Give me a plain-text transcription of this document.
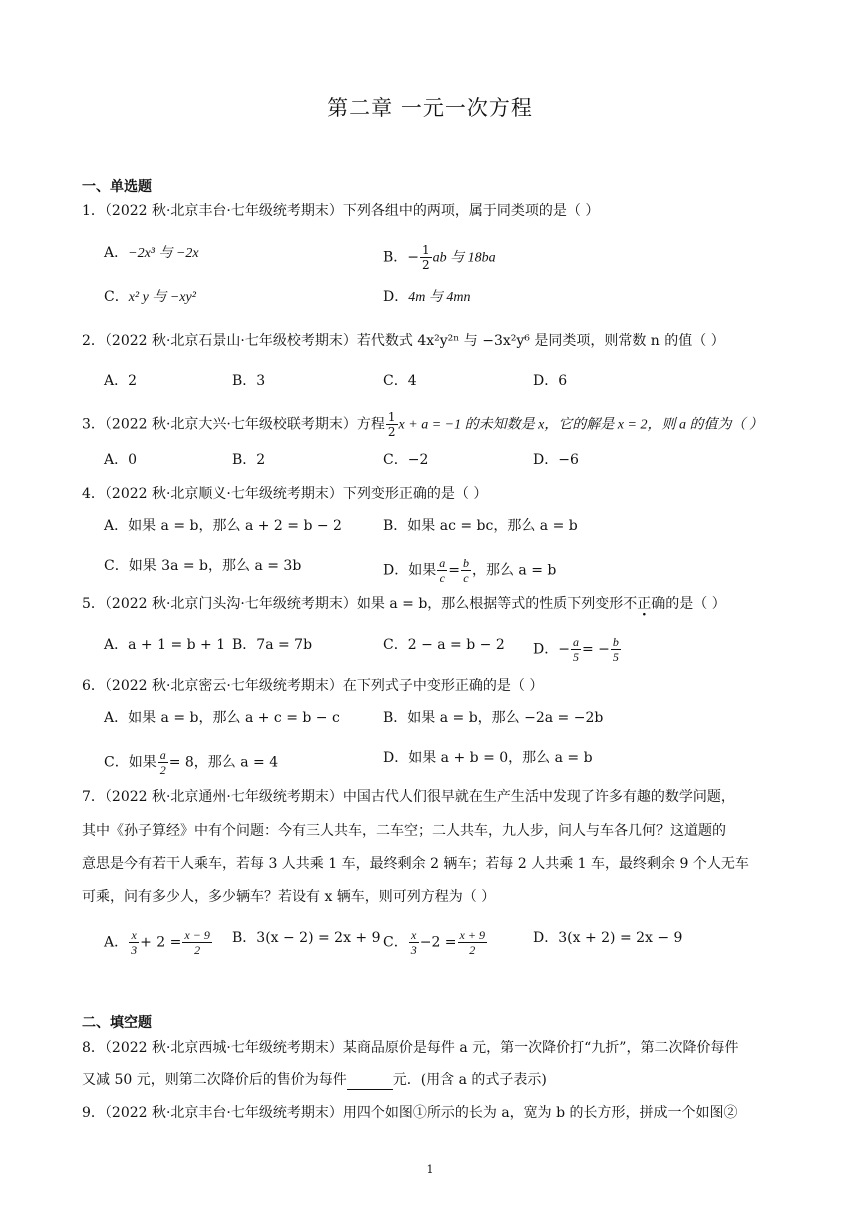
第二章 一元一次方程
一、单选题
1．（2022 秋·北京丰台·七年级统考期末）下列各组中的两项，属于同类项的是（ ）
A．−2x³ 与 −2x	B．− $\frac{1}{2}$ ab 与 18ba
C．x² y 与 −xy²	D．4m 与 4mn
2．（2022 秋·北京石景山·七年级校考期末）若代数式 4x²y²ⁿ 与 −3x²y⁶ 是同类项，则常数 n 的值（ ）
A．2	B．3	C．4	D．6
3．（2022 秋·北京大兴·七年级校联考期末）方程 $\frac{1}{2}$ x + a = −1 的未知数是 x，它的解是 x = 2，则 a 的值为（ ）
A．0	B．2	C．−2	D．−6
4．（2022 秋·北京顺义·七年级统考期末）下列变形正确的是（ ）
A．如果 a = b，那么 a + 2 = b − 2	B．如果 ac = bc，那么 a = b
C．如果 3a = b，那么 a = 3b	D．如果 $\frac{a}{c} = \frac{b}{c}$ ，那么 a = b
5．（2022 秋·北京门头沟·七年级统考期末）如果 a = b，那么根据等式的性质下列变形不正确的是（ ）
A．a + 1 = b + 1 B．7a = 7b	C．2 − a = b − 2 D．− $\frac{a}{5}$ = − $\frac{b}{5}$
6．（2022 秋·北京密云·七年级统考期末）在下列式子中变形正确的是（ ）
A．如果 a = b，那么 a + c = b − c	B．如果 a = b，那么 −2a = −2b
C．如果 $\frac{a}{2} = 8$，那么 a = 4	D．如果 a + b = 0，那么 a = b
7．（2022 秋·北京通州·七年级统考期末）中国古代人们很早就在生产生活中发现了许多有趣的数学问题，
其中《孙子算经》中有个问题：今有三人共车，二车空；二人共车，九人步，问人与车各几何？这道题的
意思是今有若干人乘车，若每 3 人共乘 1 车，最终剩余 2 辆车；若每 2 人共乘 1 车，最终剩余 9 个人无车
可乘，问有多少人，多少辆车？若设有 x 辆车，则可列方程为（ ）
A． $\frac{x}{3} + 2 = \frac{x - 9}{2}$ B．3(x − 2) = 2x + 9 C． $\frac{x}{3} -2 = \frac{x + 9}{2}$	D．3(x + 2) = 2x − 9
二、填空题
8．（2022 秋·北京西城·七年级统考期末）某商品原价是每件 a 元，第一次降价打“九折”，第二次降价每件
又减 50 元，则第二次降价后的售价为每件	元．(用含 a 的式子表示)
9．（2022 秋·北京丰台·七年级统考期末）用四个如图①所示的长为 a，宽为 b 的长方形，拼成一个如图②
1
